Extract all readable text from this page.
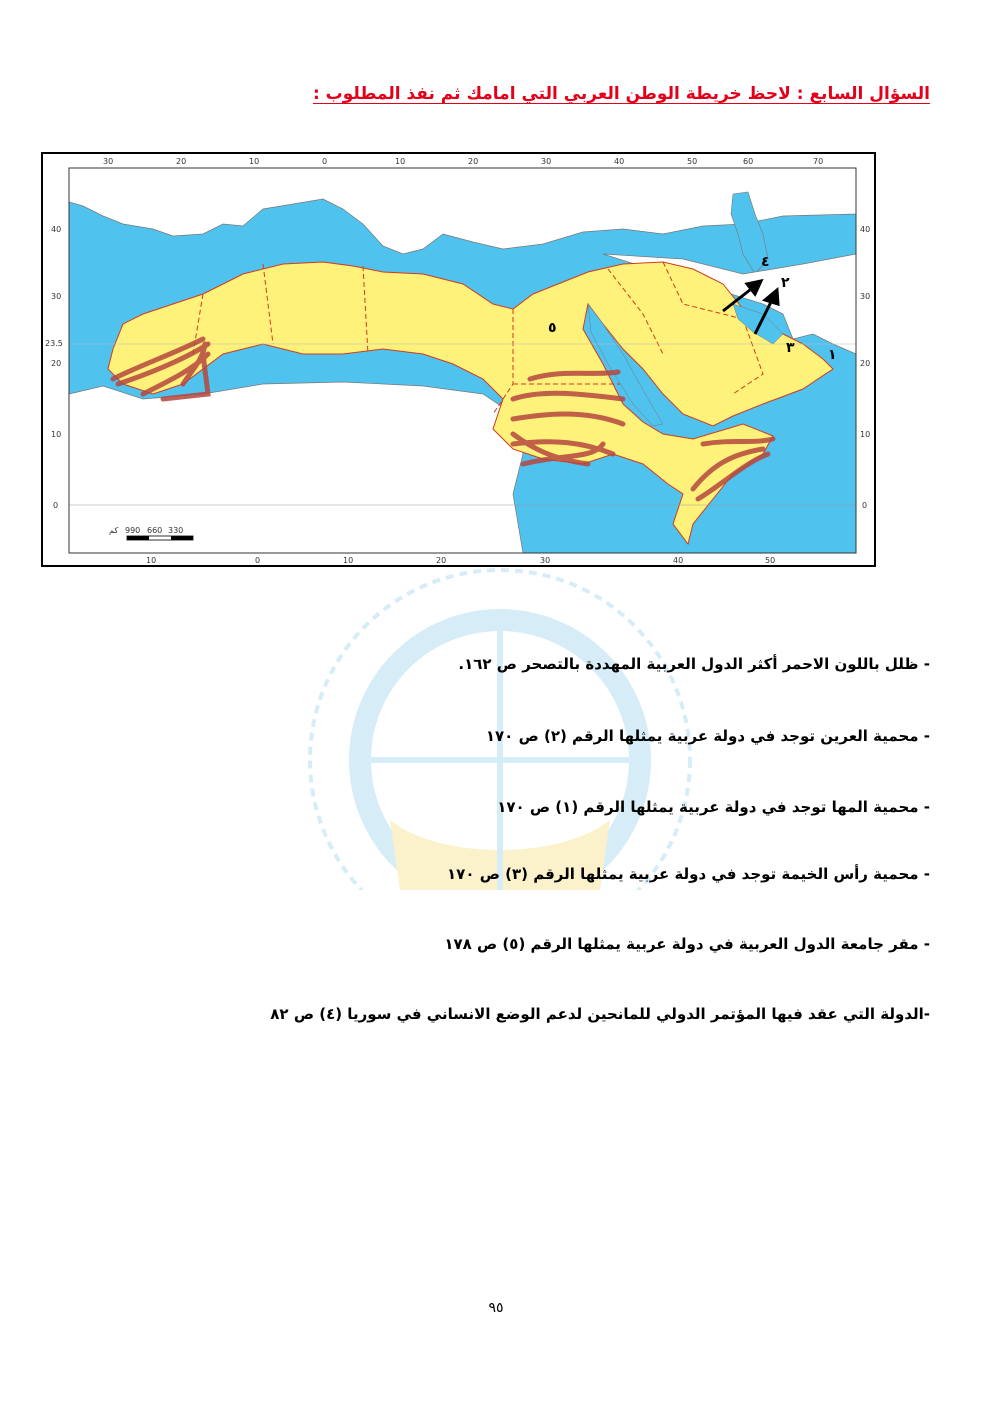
السؤال السابع : لاحظ خريطة الوطن العربي التي امامك ثم نفذ المطلوب :
٤
٢
٣ ١
٥
30	20	10	0	10	20	30	40	50	60	70
10	0	10	20	30	40	50
40
30
23.5
20
10
0
40
30
20
10
0
كم 990 660 330
- ظلل باللون الاحمر أكثر الدول العربية المهددة بالتصحر ص ١٦٢.
- محمية العرين توجد في دولة عربية يمثلها الرقم (٢) ص ١٧٠
- محمية المها توجد في دولة عربية يمثلها الرقم (١) ص ١٧٠
- محمية رأس الخيمة توجد في دولة عربية يمثلها الرقم (٣) ص ١٧٠
- مقر جامعة الدول العربية في دولة عربية يمثلها الرقم (٥) ص ١٧٨
-الدولة التي عقد فيها المؤتمر الدولي للمانحين لدعم الوضع الانساني في سوريا (٤) ص ٨٢
٩٥
